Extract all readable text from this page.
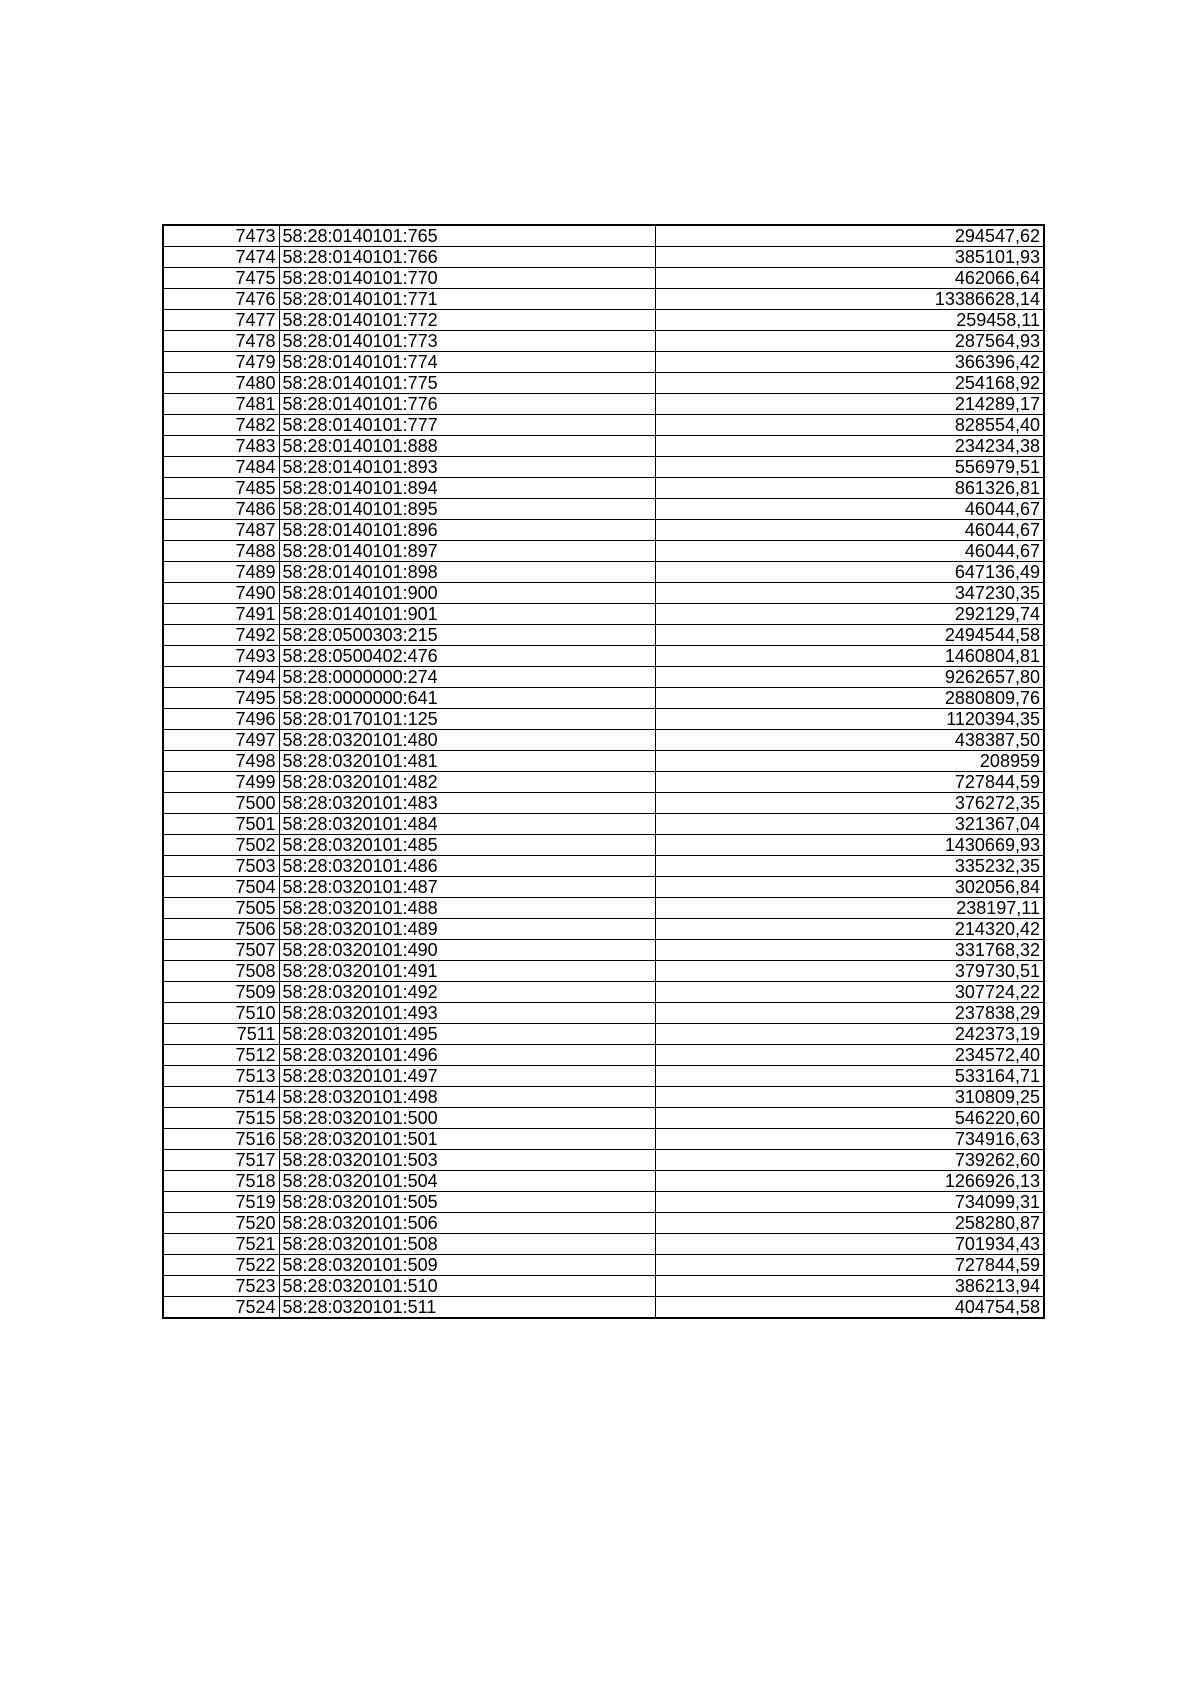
7473	58:28:0140101:765	294547,62
7474	58:28:0140101:766	385101,93
7475	58:28:0140101:770	462066,64
7476	58:28:0140101:771	13386628,14
7477	58:28:0140101:772	259458,11
7478	58:28:0140101:773	287564,93
7479	58:28:0140101:774	366396,42
7480	58:28:0140101:775	254168,92
7481	58:28:0140101:776	214289,17
7482	58:28:0140101:777	828554,40
7483	58:28:0140101:888	234234,38
7484	58:28:0140101:893	556979,51
7485	58:28:0140101:894	861326,81
7486	58:28:0140101:895	46044,67
7487	58:28:0140101:896	46044,67
7488	58:28:0140101:897	46044,67
7489	58:28:0140101:898	647136,49
7490	58:28:0140101:900	347230,35
7491	58:28:0140101:901	292129,74
7492	58:28:0500303:215	2494544,58
7493	58:28:0500402:476	1460804,81
7494	58:28:0000000:274	9262657,80
7495	58:28:0000000:641	2880809,76
7496	58:28:0170101:125	1120394,35
7497	58:28:0320101:480	438387,50
7498	58:28:0320101:481	208959
7499	58:28:0320101:482	727844,59
7500	58:28:0320101:483	376272,35
7501	58:28:0320101:484	321367,04
7502	58:28:0320101:485	1430669,93
7503	58:28:0320101:486	335232,35
7504	58:28:0320101:487	302056,84
7505	58:28:0320101:488	238197,11
7506	58:28:0320101:489	214320,42
7507	58:28:0320101:490	331768,32
7508	58:28:0320101:491	379730,51
7509	58:28:0320101:492	307724,22
7510	58:28:0320101:493	237838,29
7511	58:28:0320101:495	242373,19
7512	58:28:0320101:496	234572,40
7513	58:28:0320101:497	533164,71
7514	58:28:0320101:498	310809,25
7515	58:28:0320101:500	546220,60
7516	58:28:0320101:501	734916,63
7517	58:28:0320101:503	739262,60
7518	58:28:0320101:504	1266926,13
7519	58:28:0320101:505	734099,31
7520	58:28:0320101:506	258280,87
7521	58:28:0320101:508	701934,43
7522	58:28:0320101:509	727844,59
7523	58:28:0320101:510	386213,94
7524	58:28:0320101:511	404754,58
